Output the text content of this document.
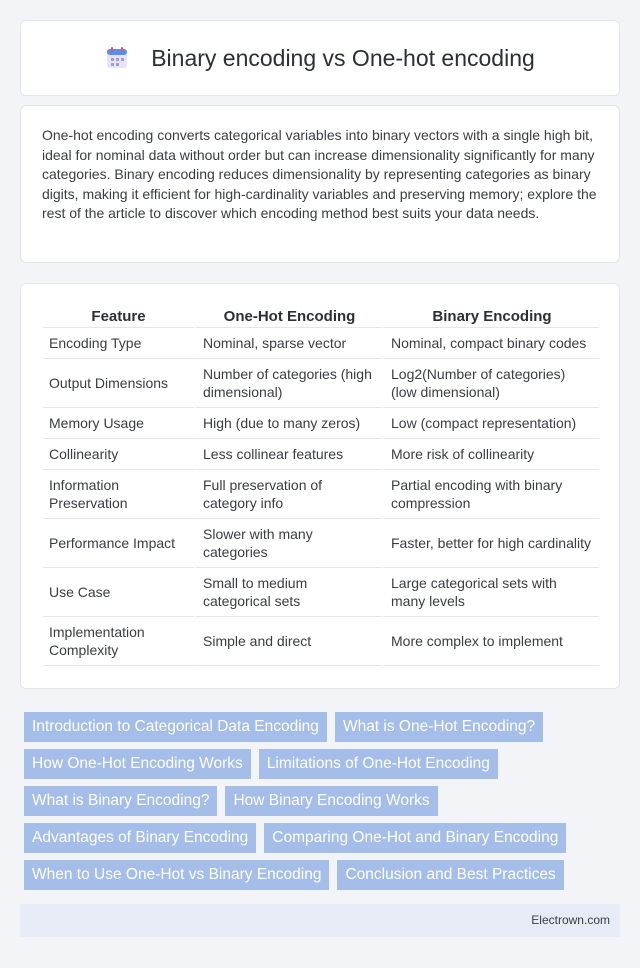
Binary encoding vs One-hot encoding

One-hot encoding converts categorical variables into binary vectors with a single high bit, ideal for nominal data without order but can increase dimensionality significantly for many categories. Binary encoding reduces dimensionality by representing categories as binary digits, making it efficient for high-cardinality variables and preserving memory; explore the rest of the article to discover which encoding method best suits your data needs.

Feature	One-Hot Encoding	Binary Encoding
Encoding Type	Nominal, sparse vector	Nominal, compact binary codes
Output Dimensions	Number of categories (high dimensional)	Log2(Number of categories) (low dimensional)
Memory Usage	High (due to many zeros)	Low (compact representation)
Collinearity	Less collinear features	More risk of collinearity
Information Preservation	Full preservation of category info	Partial encoding with binary compression
Performance Impact	Slower with many categories	Faster, better for high cardinality
Use Case	Small to medium categorical sets	Large categorical sets with many levels
Implementation Complexity	Simple and direct	More complex to implement
Introduction to Categorical Data Encoding	What is One-Hot Encoding?
How One-Hot Encoding Works	Limitations of One-Hot Encoding
What is Binary Encoding?	How Binary Encoding Works
Advantages of Binary Encoding	Comparing One-Hot and Binary Encoding
When to Use One-Hot vs Binary Encoding	Conclusion and Best Practices
Electrown.com
